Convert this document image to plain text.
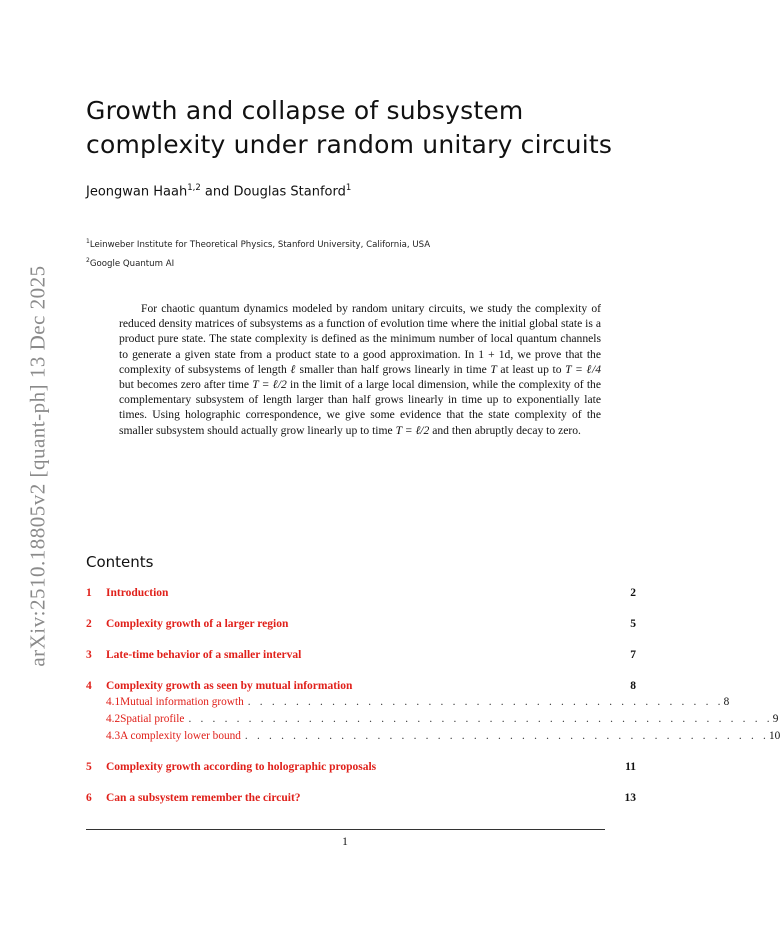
arXiv:2510.18805v2 [quant-ph] 13 Dec 2025
Growth and collapse of subsystem complexity under random unitary circuits
Jeongwan Haah$^{1,2}$ and Douglas Stanford$^1$
$^1$Leinweber Institute for Theoretical Physics, Stanford University, California, USA
$^2$Google Quantum AI

For chaotic quantum dynamics modeled by random unitary circuits, we study the complexity of reduced density matrices of subsystems as a function of evolution time where the initial global state is a product pure state. The state complexity is defined as the minimum number of local quantum channels to generate a given state from a product state to a good approximation. In 1 + 1d, we prove that the complexity of subsystems of length ℓ smaller than half grows linearly in time T at least up to T = ℓ/4 but becomes zero after time T = ℓ/2 in the limit of a large local dimension, while the complexity of the complementary subsystem of length larger than half grows linearly in time up to exponentially late times. Using holographic correspondence, we give some evidence that the state complexity of the smaller subsystem should actually grow linearly up to time T = ℓ/2 and then abruptly decay to zero.

Contents
1	Introduction	2
2	Complexity growth of a larger region	5
3	Late-time behavior of a smaller interval	7
4	Complexity growth as seen by mutual information	8
4.1 Mutual information growth . . . . . . . . . . . . . . . . . . . . . . . . . . . . . . . . . . . . . . . . 8
4.2 Spatial profile . . . . . . . . . . . . . . . . . . . . . . . . . . . . . . . . . . . . . . . . . . . . . . . . . 9
4.3 A complexity lower bound . . . . . . . . . . . . . . . . . . . . . . . . . . . . . . . . . . . . . . . . . . . . 10
5	Complexity growth according to holographic proposals	11
6	Can a subsystem remember the circuit?	13
1
